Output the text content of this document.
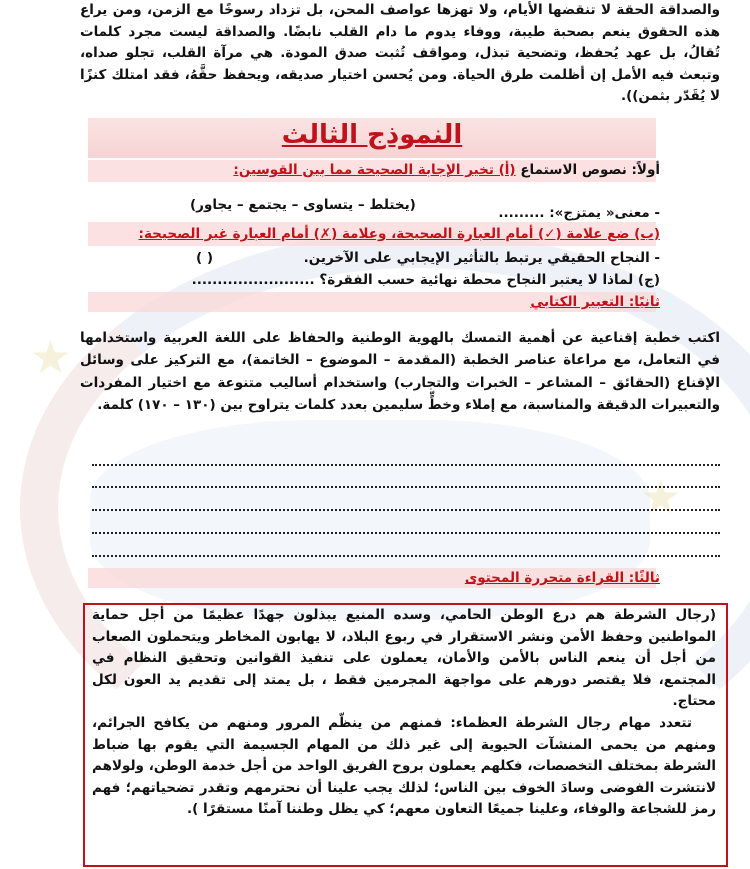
★
★
والصداقة الحقة لا تنقضها الأيام، ولا تهزها عواصف المحن، بل تزداد رسوخًا مع الزمن، ومن يراع هذه الحقوق ينعم بصحبة طيبة، ووفاء يدوم ما دام القلب نابضًا. والصداقة ليست مجرد كلمات تُقالُ، بل عهد يُحفظ، وتضحية تبذل، ومواقف تُثبت صدق المودة. هي مرآة القلب، تجلو صداه، وتبعث فيه الأمل إن أظلمت طرق الحياة. ومن يُحسن اختيار صديقه، ويحفظ حقَّهُ، فقد امتلك كنزًا لا يُقَدّر بثمن)).
النموذج الثالث
أولاً: نصوص الاستماع (أ) تخير الإجابة الصحيحة مما بين القوسين:
- معنى« يمتزج»: .........
(يختلط – يتساوى – يجتمع – يجاور)
(ب) ضع علامة (✓) أمام العبارة الصحيحة، وعلامة (✗) أمام العبارة غير الصحيحة:
- النجاح الحقيقي يرتبط بالتأثير الإيجابي على الآخرين.
( )
(ج) لماذا لا يعتبر النجاح محطة نهائية حسب الفقرة؟ ........................
ثانيًا: التعبير الكتابي
اكتب خطبة إقناعية عن أهمية التمسك بالهوية الوطنية والحفاظ على اللغة العربية واستخدامها في التعامل، مع مراعاة عناصر الخطبة (المقدمة – الموضوع – الخاتمة)، مع التركيز على وسائل الإقناع (الحقائق – المشاعر – الخبرات والتجارب) واستخدام أساليب متنوعة مع اختيار المفردات والتعبيرات الدقيقة والمناسبة، مع إملاء وخطٍّ سليمين بعدد كلمات يتراوح بين (١٣٠ – ١٧٠) كلمة.
ثالثًا: القراءة متحررة المحتوى
(رجال الشرطة هم درع الوطن الحامي، وسده المنيع يبذلون جهدًا عظيمًا من أجل حماية المواطنين وحفظ الأمن ونشر الاستقرار في ربوع البلاد، لا يهابون المخاطر ويتحملون الصعاب من أجل أن ينعم الناس بالأمن والأمان، يعملون على تنفيذ القوانين وتحقيق النظام في المجتمع، فلا يقتصر دورهم على مواجهة المجرمين فقط ، بل يمتد إلى تقديم يد العون لكل محتاج.
تتعدد مهام رجال الشرطة العظماء: فمنهم من ينظّم المرور ومنهم من يكافح الجرائم، ومنهم من يحمى المنشآت الحيوية إلى غير ذلك من المهام الجسيمة التي يقوم بها ضباط الشرطة بمختلف التخصصات، فكلهم يعملون بروح الفريق الواحد من أجل خدمة الوطن، ولولاهم لانتشرت الفوضى وسادَ الخوف بين الناس؛ لذلك يجب علينا أن نحترمهم وتقدر تضحياتهم؛ فهم رمز للشجاعة والوفاء، وعلينا جميعًا التعاون معهم؛ كي يظل وطننا آمنًا مستقرًا ).
